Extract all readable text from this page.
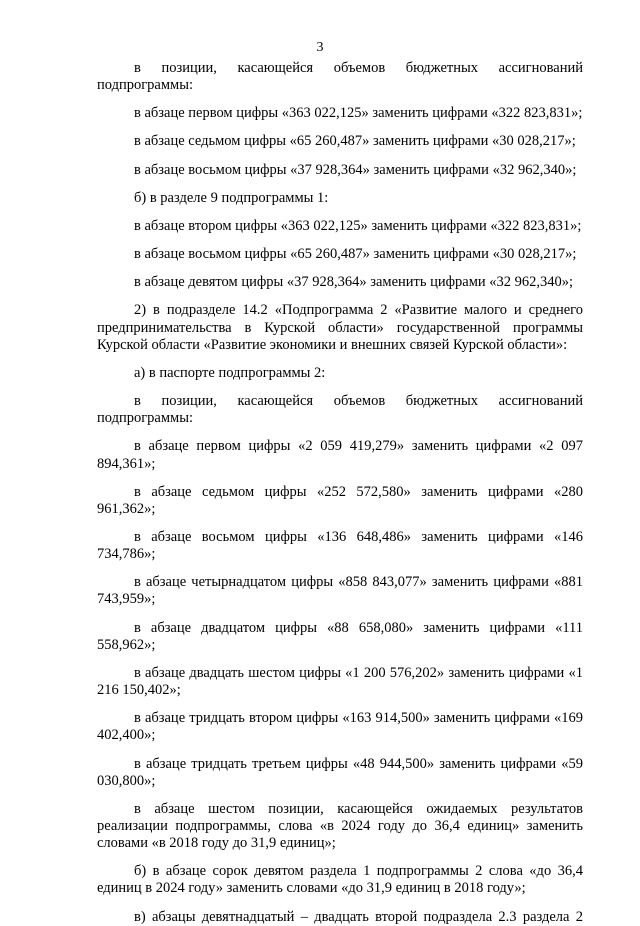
3

в позиции, касающейся объемов бюджетных ассигнований подпрограммы:

в абзаце первом цифры «363 022,125» заменить цифрами «322 823,831»;

в абзаце седьмом цифры «65 260,487» заменить цифрами «30 028,217»;

в абзаце восьмом цифры «37 928,364» заменить цифрами «32 962,340»;

б) в разделе 9 подпрограммы 1:

в абзаце втором цифры «363 022,125» заменить цифрами «322 823,831»;

в абзаце восьмом цифры «65 260,487» заменить цифрами «30 028,217»;

в абзаце девятом цифры «37 928,364» заменить цифрами «32 962,340»;

2) в подразделе 14.2 «Подпрограмма 2 «Развитие малого и среднего предпринимательства в Курской области» государственной программы Курской области «Развитие экономики и внешних связей Курской области»:

а) в паспорте подпрограммы 2:

в позиции, касающейся объемов бюджетных ассигнований подпрограммы:

в абзаце первом цифры «2 059 419,279» заменить цифрами «2 097 894,361»;

в абзаце седьмом цифры «252 572,580» заменить цифрами «280 961,362»;

в абзаце восьмом цифры «136 648,486» заменить цифрами «146 734,786»;

в абзаце четырнадцатом цифры «858 843,077» заменить цифрами «881 743,959»;

в абзаце двадцатом цифры «88 658,080» заменить цифрами «111 558,962»;

в абзаце двадцать шестом цифры «1 200 576,202» заменить цифрами «1 216 150,402»;

в абзаце тридцать втором цифры «163 914,500» заменить цифрами «169 402,400»;

в абзаце тридцать третьем цифры «48 944,500» заменить цифрами «59 030,800»;

в абзаце шестом позиции, касающейся ожидаемых результатов реализации подпрограммы, слова «в 2024 году до 36,4 единиц» заменить словами «в 2018 году до 31,9 единиц»;

б) в абзаце сорок девятом раздела 1 подпрограммы 2 слова «до 36,4 единиц в 2024 году» заменить словами «до 31,9 единиц в 2018 году»;

в) абзацы девятнадцатый – двадцать второй подраздела 2.3 раздела 2
